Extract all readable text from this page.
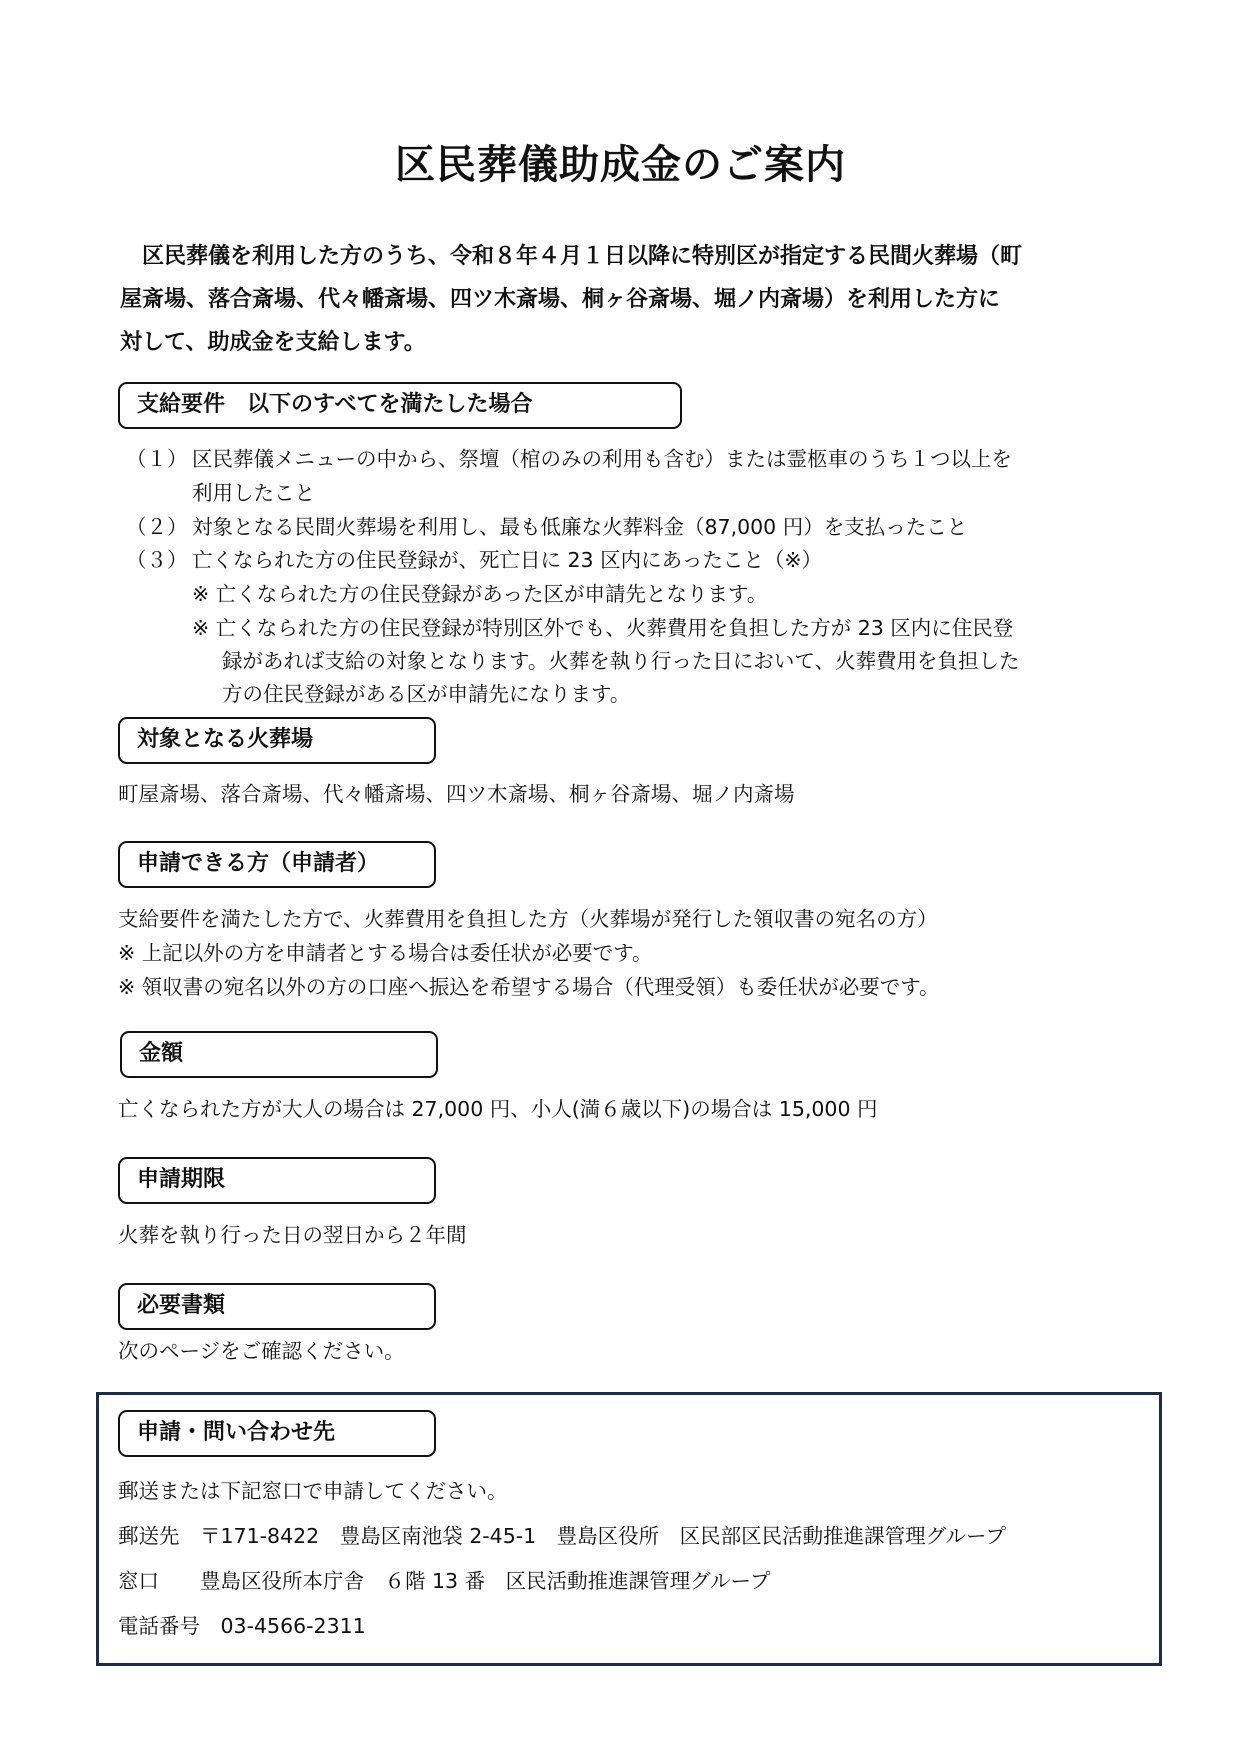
区民葬儀助成金のご案内
区民葬儀を利用した方のうち、令和８年４月１日以降に特別区が指定する民間火葬場（町
屋斎場、落合斎場、代々幡斎場、四ツ木斎場、桐ヶ谷斎場、堀ノ内斎場）を利用した方に
対して、助成金を支給します。
支給要件　以下のすべてを満たした場合
（１） 区民葬儀メニューの中から、祭壇（棺のみの利用も含む）または霊柩車のうち１つ以上を
利用したこと
（２） 対象となる民間火葬場を利用し、最も低廉な火葬料金（87,000 円）を支払ったこと
（３） 亡くなられた方の住民登録が、死亡日に 23 区内にあったこと（※）
※ 亡くなられた方の住民登録があった区が申請先となります。
※ 亡くなられた方の住民登録が特別区外でも、火葬費用を負担した方が 23 区内に住民登
録があれば支給の対象となります。火葬を執り行った日において、火葬費用を負担した
方の住民登録がある区が申請先になります。
対象となる火葬場
町屋斎場、落合斎場、代々幡斎場、四ツ木斎場、桐ヶ谷斎場、堀ノ内斎場
申請できる方（申請者）
支給要件を満たした方で、火葬費用を負担した方（火葬場が発行した領収書の宛名の方）
※ 上記以外の方を申請者とする場合は委任状が必要です。
※ 領収書の宛名以外の方の口座へ振込を希望する場合（代理受領）も委任状が必要です。
金額
亡くなられた方が大人の場合は 27,000 円、小人(満６歳以下)の場合は 15,000 円
申請期限
火葬を執り行った日の翌日から２年間
必要書類
次のページをご確認ください。
申請・問い合わせ先
郵送または下記窓口で申請してください。
郵送先　〒171-8422　豊島区南池袋 2-45-1　豊島区役所　区民部区民活動推進課管理グループ
窓口　　豊島区役所本庁舎　６階 13 番　区民活動推進課管理グループ
電話番号　03-4566-2311
